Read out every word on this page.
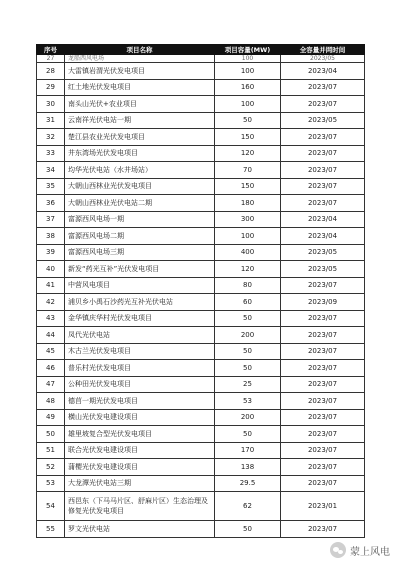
序号	项目名称	项目容量(MW)	全容量并网时间
27	龙船西风电场	100	2023/05
28	大雷镇岩渭光伏发电项目	100	2023/04
29	红土地光伏发电项目	160	2023/07
30	南头山光伏+农业项目	100	2023/07
31	云南祥光伏电站一期	50	2023/05
32	楚江县农业光伏发电项目	150	2023/07
33	井东湾场光伏发电项目	120	2023/07
34	均华光伏电站（水井场站）	70	2023/07
35	大朝山西林业光伏发电项目	150	2023/07
36	大朝山西林业光伏电站二期	180	2023/07
37	富源西风电场一期	300	2023/04
38	富源西风电场二期	100	2023/04
39	富源西风电场三期	400	2023/05
40	新发“药光互补”光伏发电项目	120	2023/05
41	中营风电项目	80	2023/07
42	浦贝乡小禹石沙药光互补光伏电站	60	2023/09
43	金华镇庆华村光伏发电项目	50	2023/07
44	凤代光伏电站	200	2023/07
45	木古兰光伏发电项目	50	2023/07
46	普乐村光伏发电项目	50	2023/07
47	公种田光伏发电项目	25	2023/07
48	德莒一期光伏发电项目	53	2023/07
49	横山光伏发电建设项目	200	2023/07
50	雄里坡复合型光伏发电项目	50	2023/07
51	联合光伏发电建设项目	170	2023/07
52	蒲樱光伏发电建设项目	138	2023/07
53	大龙潭光伏电站三期	29.5	2023/07
54	西邑东（下马马片区、舒麻片区）生态治理及修复光伏发电项目	62	2023/01
55	罗文光伏电站	50	2023/07
蒙上风电
